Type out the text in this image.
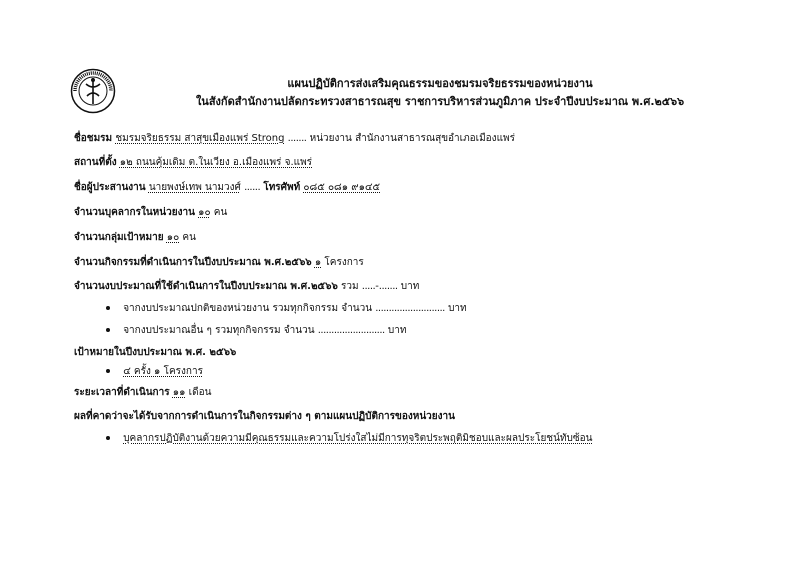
แผนปฏิบัติการส่งเสริมคุณธรรมของชมรมจริยธรรมของหน่วยงาน
ในสังกัดสำนักงานปลัดกระทรวงสาธารณสุข ราชการบริหารส่วนภูมิภาค ประจำปีงบประมาณ พ.ศ.๒๕๖๖
ชื่อชมรม ชมรมจริยธรรม สาสุขเมืองแพร่ Strong ....... หน่วยงาน สำนักงานสาธารณสุขอำเภอเมืองแพร่
สถานที่ตั้ง ๑๒ ถนนคุ้มเดิม ต.ในเวียง อ.เมืองแพร่ จ.แพร่
ชื่อผู้ประสานงาน นายพงษ์เทพ นามวงศ์ ...... โทรศัพท์ ๐๘๕ ๐๘๑ ๙๑๔๕
จำนวนบุคลากรในหน่วยงาน ๑๐ คน
จำนวนกลุ่มเป้าหมาย ๑๐ คน
จำนวนกิจกรรมที่ดำเนินการในปีงบประมาณ พ.ศ.๒๕๖๖ ๑ โครงการ
จำนวนงบประมาณที่ใช้ดำเนินการในปีงบประมาณ พ.ศ.๒๕๖๖ รวม .....-....... บาท
จากงบประมาณปกติของหน่วยงาน รวมทุกกิจกรรม จำนวน .......................... บาท
จากงบประมาณอื่น ๆ รวมทุกกิจกรรม จำนวน ......................... บาท
เป้าหมายในปีงบประมาณ พ.ศ. ๒๕๖๖
๔ ครั้ง ๑ โครงการ
ระยะเวลาที่ดำเนินการ ๑๑ เดือน
ผลที่คาดว่าจะได้รับจากการดำเนินการในกิจกรรมต่าง ๆ ตามแผนปฏิบัติการของหน่วยงาน
บุคลากรปฏิบัติงานด้วยความมีคุณธรรมและความโปร่งใสไม่มีการทุจริตประพฤติมิชอบและผลประโยชน์ทับซ้อน
